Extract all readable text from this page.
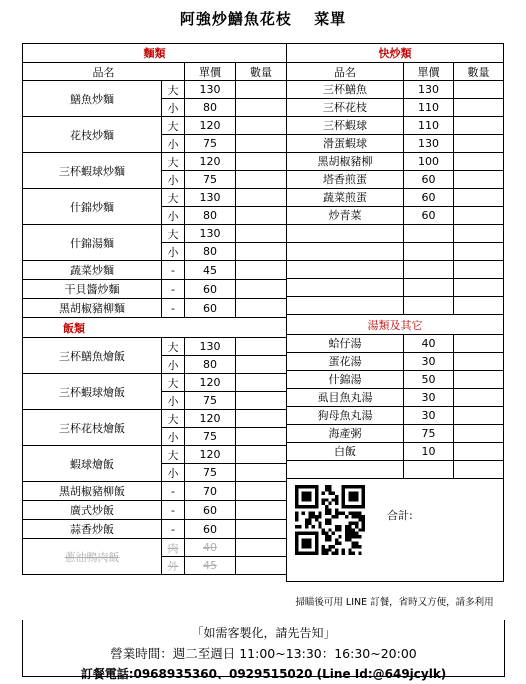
阿強炒鱔魚花枝 菜單
麵類			
品名		單價	數量
鱔魚炒麵	大	130	
	小	80	
花枝炒麵	大	120	
	小	75	
三杯蝦球炒麵	大	120	
	小	75	
什錦炒麵	大	130	
	小	80	
什錦湯麵	大	130	
	小	80	
蔬菜炒麵	-	45	
干貝醬炒麵	-	60	
黑胡椒豬柳麵	-	60	
飯類			
三杯鱔魚燴飯	大	130	
	小	80	
三杯蝦球燴飯	大	120	
	小	75	
三杯花枝燴飯	大	120	
	小	75	
蝦球燴飯	大	120	
	小	75	
黑胡椒豬柳飯	-	70	
廣式炒飯	-	60	
蒜香炒飯	-	60	
蔥油鴨肉飯	肉	40	
	外	45	
快炒類		
品名	單價	數量
三杯鱔魚	130	
三杯花枝	110	
三杯蝦球	110	
滑蛋蝦球	130	
黑胡椒豬柳	100	
塔香煎蛋	60	
蔬菜煎蛋	60	
炒青菜	60	

湯類及其它		
蛤仔湯	40	
蛋花湯	30	
什錦湯	50	
虱目魚丸湯	30	
狗母魚丸湯	30	
海產粥	75	
白飯	10	

合計:		
掃瞄後可用 LINE 訂餐，省時又方便，請多利用
「如需客製化，請先告知」
營業時間：週二至週日 11:00~13:30：16:30~20:00
訂餐電話:0968935360、0929515020 (Line Id:@649jcylk)
